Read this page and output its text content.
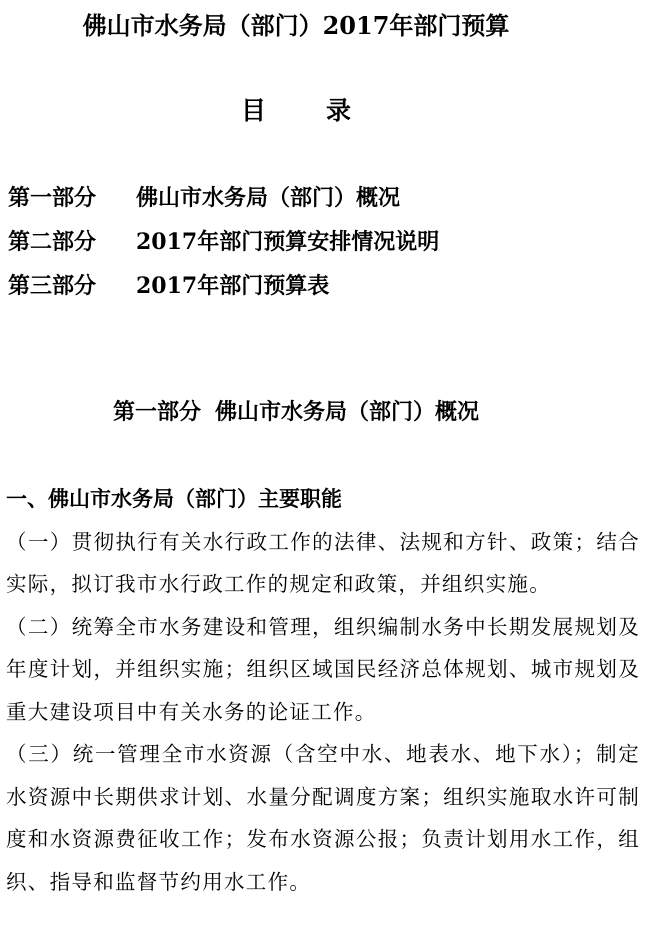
佛山市水务局（部门）2017年部门预算
目 录
第一部分 佛山市水务局（部门）概况
第二部分 2017年部门预算安排情况说明
第三部分 2017年部门预算表
第一部分 佛山市水务局（部门）概况
一、佛山市水务局（部门）主要职能

（一）贯彻执行有关水行政工作的法律、法规和方针、政策；结合实际，拟订我市水行政工作的规定和政策，并组织实施。

（二）统筹全市水务建设和管理，组织编制水务中长期发展规划及年度计划，并组织实施；组织区域国民经济总体规划、城市规划及重大建设项目中有关水务的论证工作。

（三）统一管理全市水资源（含空中水、地表水、地下水）；制定水资源中长期供求计划、水量分配调度方案；组织实施取水许可制度和水资源费征收工作；发布水资源公报；负责计划用水工作，组织、指导和监督节约用水工作。
